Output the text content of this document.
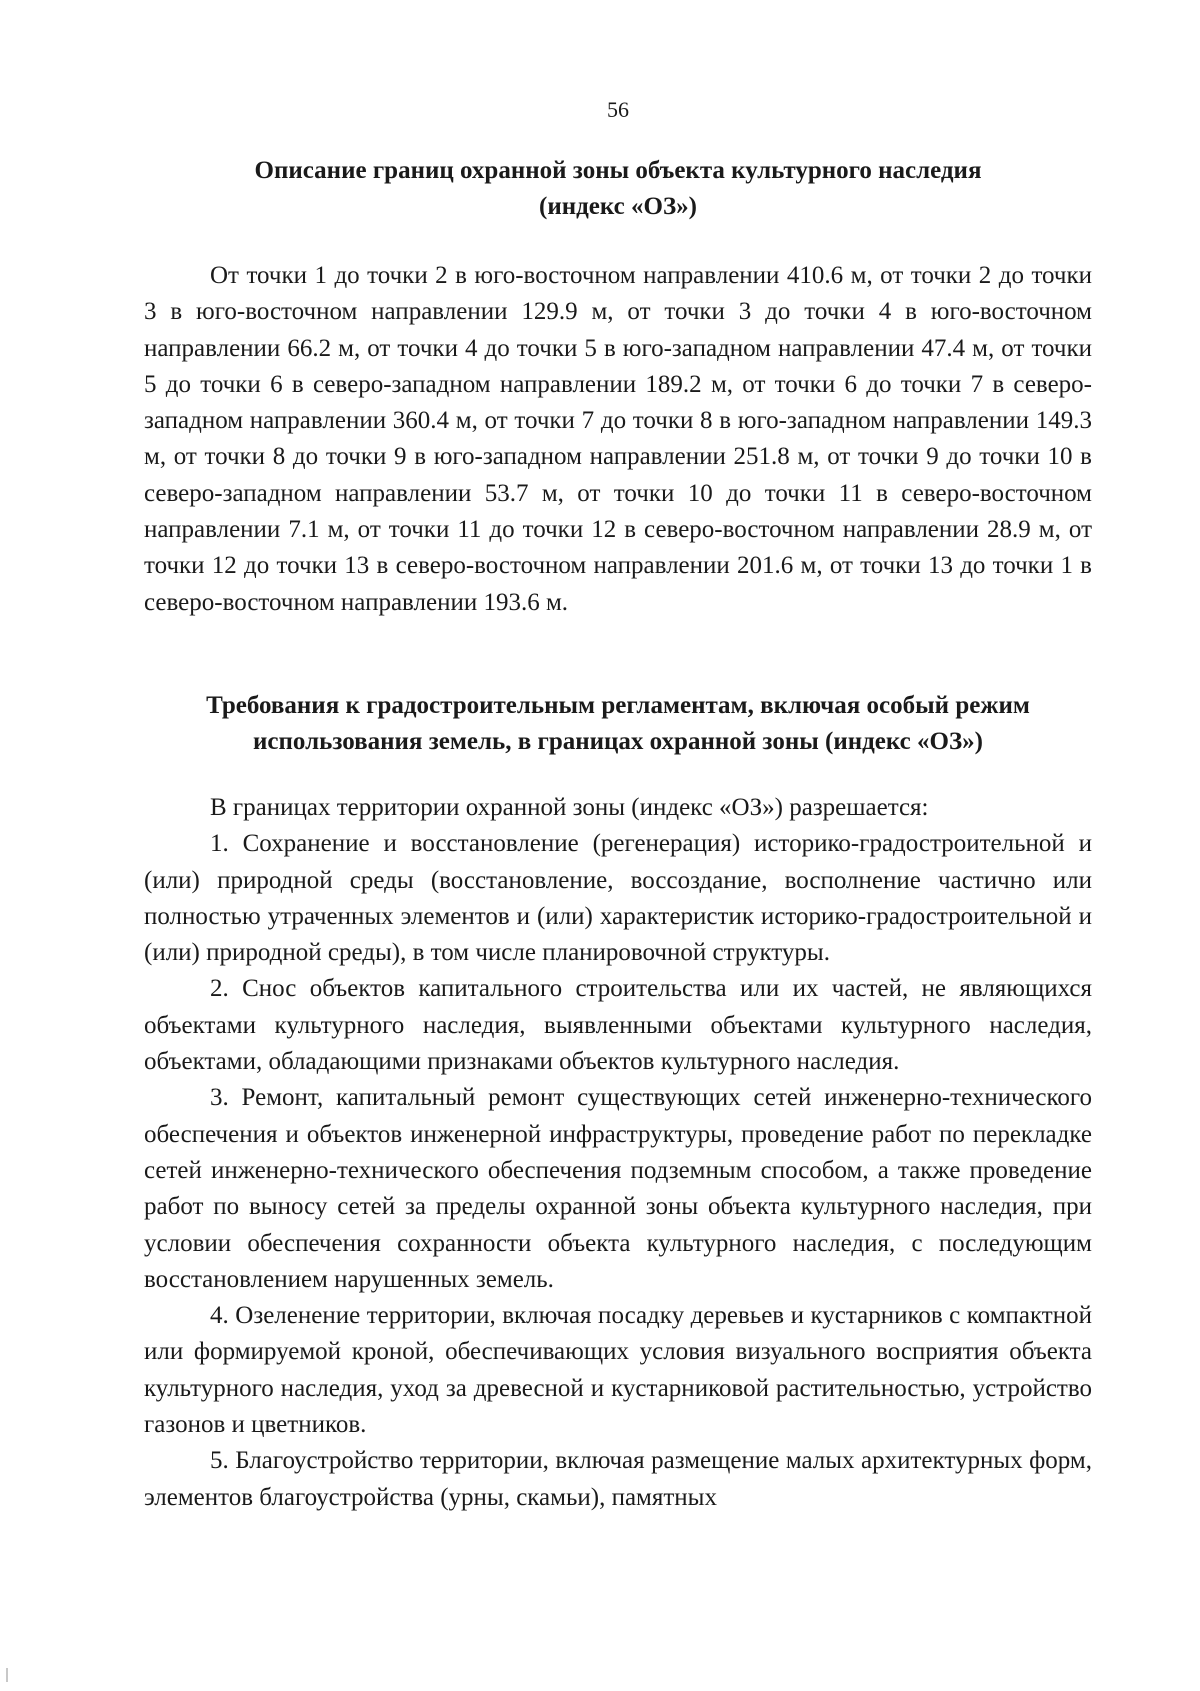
56
Описание границ охранной зоны объекта культурного наследия
(индекс «ОЗ»)

От точки 1 до точки 2 в юго-восточном направлении 410.6 м, от точки 2 до точки 3 в юго-восточном направлении 129.9 м, от точки 3 до точки 4 в юго-восточном направлении 66.2 м, от точки 4 до точки 5 в юго-западном направлении 47.4 м, от точки 5 до точки 6 в северо-западном направлении 189.2 м, от точки 6 до точки 7 в северо-западном направлении 360.4 м, от точки 7 до точки 8 в юго-западном направлении 149.3 м, от точки 8 до точки 9 в юго-западном направлении 251.8 м, от точки 9 до точки 10 в северо-западном направлении 53.7 м, от точки 10 до точки 11 в северо-восточном направлении 7.1 м, от точки 11 до точки 12 в северо-восточном направлении 28.9 м, от точки 12 до точки 13 в северо-восточном направлении 201.6 м, от точки 13 до точки 1 в северо-восточном направлении 193.6 м.

Требования к градостроительным регламентам, включая особый режим
использования земель, в границах охранной зоны (индекс «ОЗ»)

В границах территории охранной зоны (индекс «ОЗ») разрешается:

1. Сохранение и восстановление (регенерация) историко-градостроительной и (или) природной среды (восстановление, воссоздание, восполнение частично или полностью утраченных элементов и (или) характеристик историко-градостроительной и (или) природной среды), в том числе планировочной структуры.

2. Снос объектов капитального строительства или их частей, не являющихся объектами культурного наследия, выявленными объектами культурного наследия, объектами, обладающими признаками объектов культурного наследия.

3. Ремонт, капитальный ремонт существующих сетей инженерно-технического обеспечения и объектов инженерной инфраструктуры, проведение работ по перекладке сетей инженерно-технического обеспечения подземным способом, а также проведение работ по выносу сетей за пределы охранной зоны объекта культурного наследия, при условии обеспечения сохранности объекта культурного наследия, с последующим восстановлением нарушенных земель.

4. Озеленение территории, включая посадку деревьев и кустарников с компактной или формируемой кроной, обеспечивающих условия визуального восприятия объекта культурного наследия, уход за древесной и кустарниковой растительностью, устройство газонов и цветников.

5. Благоустройство территории, включая размещение малых архитектурных форм, элементов благоустройства (урны, скамьи), памятных
